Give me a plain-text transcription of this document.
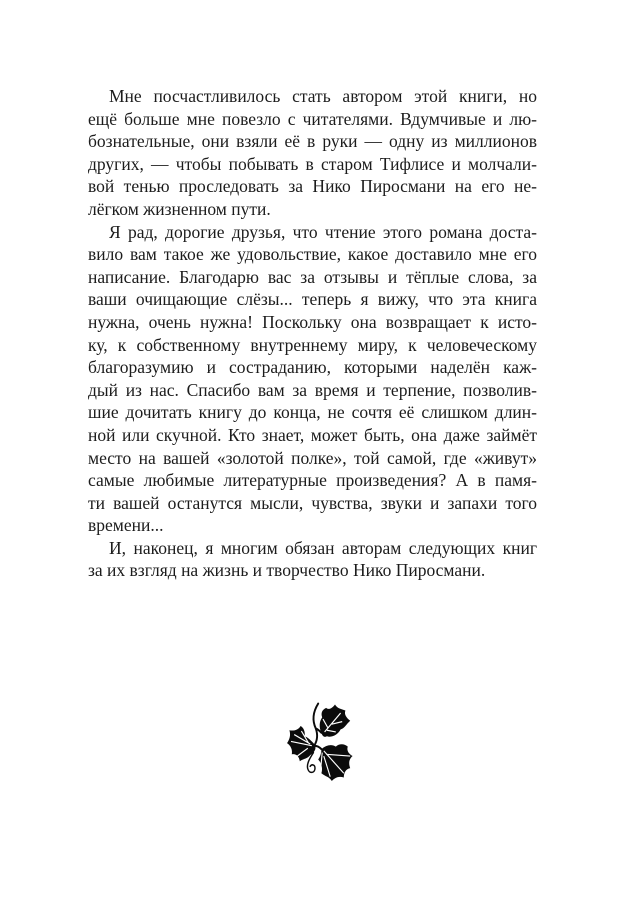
Мне посчастливилось стать автором этой книги, но
ещё больше мне повезло с читателями. Вдумчивые и лю-
бознательные, они взяли её в руки — одну из миллионов
других, — чтобы побывать в старом Тифлисе и молчали-
вой тенью проследовать за Нико Пиросмани на его не-
лёгком жизненном пути.
Я рад, дорогие друзья, что чтение этого романа доста-
вило вам такое же удовольствие, какое доставило мне его
написание. Благодарю вас за отзывы и тёплые слова, за
ваши очищающие слёзы... теперь я вижу, что эта книга
нужна, очень нужна! Поскольку она возвращает к исто-
ку, к собственному внутреннему миру, к человеческому
благоразумию и состраданию, которыми наделён каж-
дый из нас. Спасибо вам за время и терпение, позволив-
шие дочитать книгу до конца, не сочтя её слишком длин-
ной или скучной. Кто знает, может быть, она даже займёт
место на вашей «золотой полке», той самой, где «живут»
самые любимые литературные произведения? А в памя-
ти вашей останутся мысли, чувства, звуки и запахи того
времени...
И, наконец, я многим обязан авторам следующих книг
за их взгляд на жизнь и творчество Нико Пиросмани.
